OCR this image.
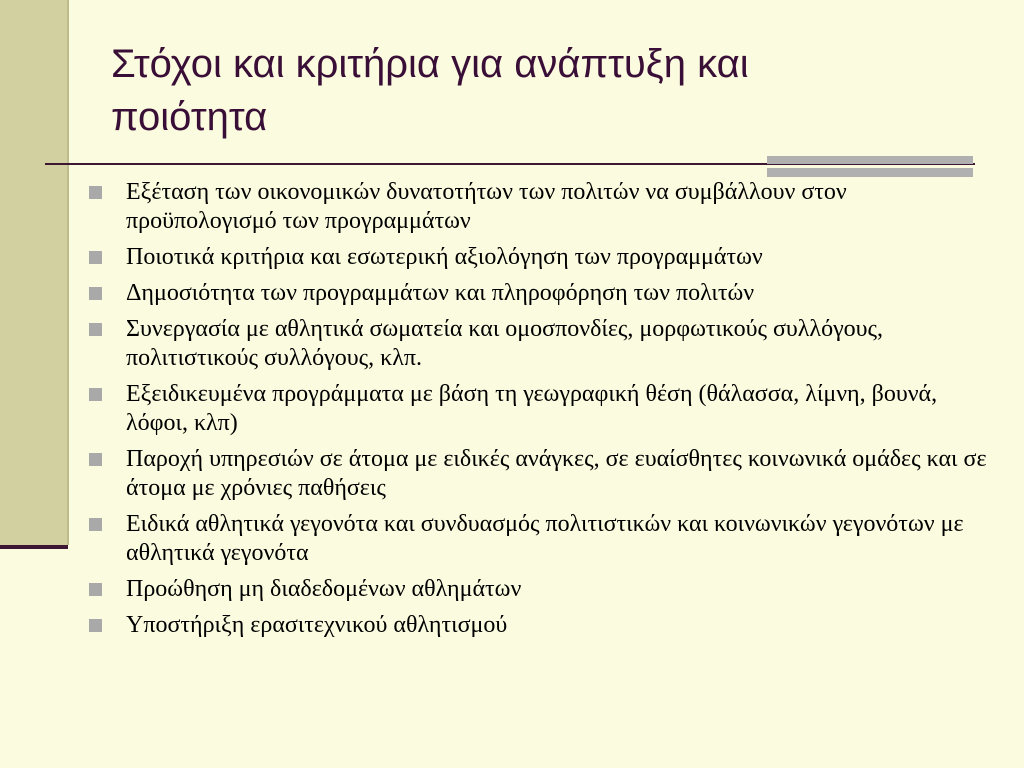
Στόχοι και κριτήρια για ανάπτυξη και ποιότητα
Εξέταση των οικονομικών δυνατοτήτων των πολιτών να συμβάλλουν στον προϋπολογισμό των προγραμμάτων
Ποιοτικά κριτήρια και εσωτερική αξιολόγηση των προγραμμάτων
Δημοσιότητα των προγραμμάτων και πληροφόρηση των πολιτών
Συνεργασία με αθλητικά σωματεία και ομοσπονδίες, μορφωτικούς συλλόγους, πολιτιστικούς συλλόγους, κλπ.
Εξειδικευμένα προγράμματα με βάση τη γεωγραφική θέση (θάλασσα, λίμνη, βουνά, λόφοι, κλπ)
Παροχή υπηρεσιών σε άτομα με ειδικές ανάγκες, σε ευαίσθητες κοινωνικά ομάδες και σε άτομα με χρόνιες παθήσεις
Ειδικά αθλητικά γεγονότα και συνδυασμός πολιτιστικών και κοινωνικών γεγονότων με αθλητικά γεγονότα
Προώθηση μη διαδεδομένων αθλημάτων
Υποστήριξη ερασιτεχνικού αθλητισμού
